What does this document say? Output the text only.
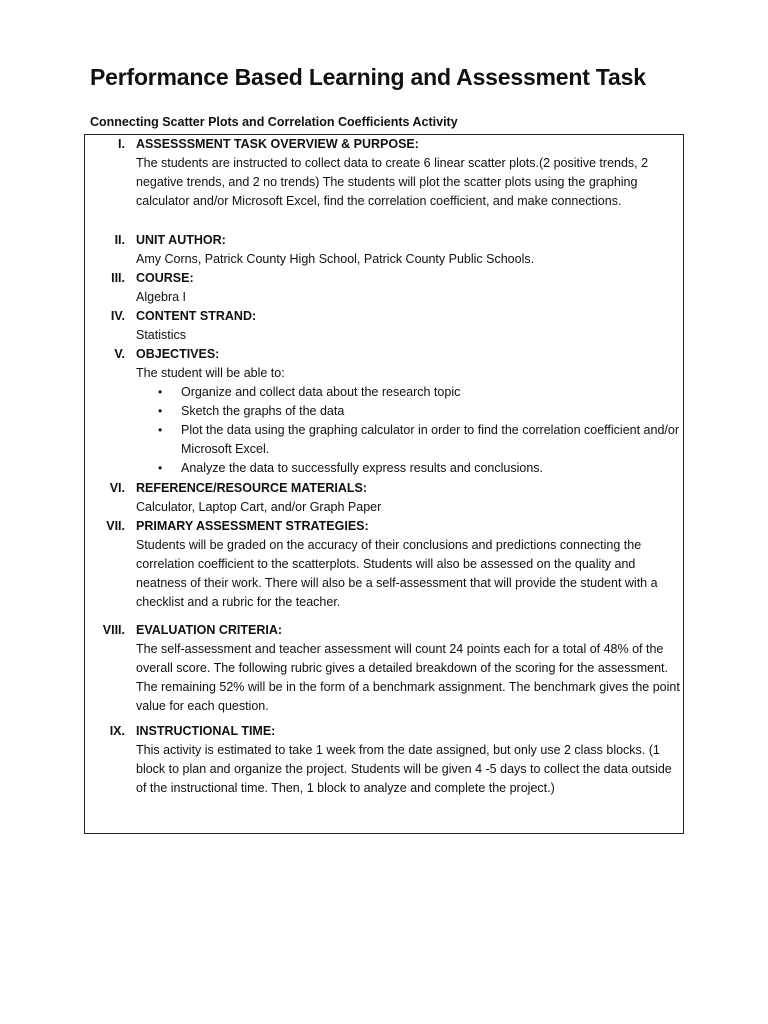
Performance Based Learning and Assessment Task
Connecting Scatter Plots and Correlation Coefficients Activity
I. ASSESSSMENT TASK OVERVIEW & PURPOSE:
The students are instructed to collect data to create 6 linear scatter plots.(2 positive trends, 2 negative trends, and 2 no trends) The students will plot the scatter plots using the graphing calculator and/or Microsoft Excel, find the correlation coefficient, and make connections.
II. UNIT AUTHOR:
Amy Corns, Patrick County High School, Patrick County Public Schools.
III. COURSE:
Algebra I
IV. CONTENT STRAND:
Statistics
V. OBJECTIVES:
The student will be able to:
• Organize and collect data about the research topic
• Sketch the graphs of the data
• Plot the data using the graphing calculator in order to find the correlation coefficient and/or Microsoft Excel.
• Analyze the data to successfully express results and conclusions.
VI. REFERENCE/RESOURCE MATERIALS:
Calculator, Laptop Cart, and/or Graph Paper
VII. PRIMARY ASSESSMENT STRATEGIES:
Students will be graded on the accuracy of their conclusions and predictions connecting the correlation coefficient to the scatterplots. Students will also be assessed on the quality and neatness of their work. There will also be a self-assessment that will provide the student with a checklist and a rubric for the teacher.
VIII. EVALUATION CRITERIA:
The self-assessment and teacher assessment will count 24 points each for a total of 48% of the overall score. The following rubric gives a detailed breakdown of the scoring for the assessment. The remaining 52% will be in the form of a benchmark assignment. The benchmark gives the point value for each question.
IX. INSTRUCTIONAL TIME:
This activity is estimated to take 1 week from the date assigned, but only use 2 class blocks. (1 block to plan and organize the project. Students will be given 4 -5 days to collect the data outside of the instructional time. Then, 1 block to analyze and complete the project.)
